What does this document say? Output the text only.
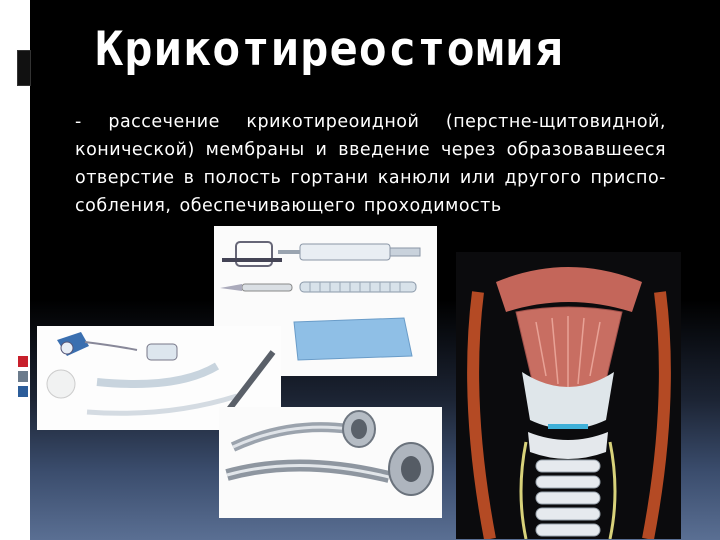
Крикотиреостомия

- рассечение крикотиреоидной (перстне-щитовидной, конической) мембраны и введение через образовавшееся отверстие в полость гортани канюли или другого приспо-собления, обеспечивающего проходимость
